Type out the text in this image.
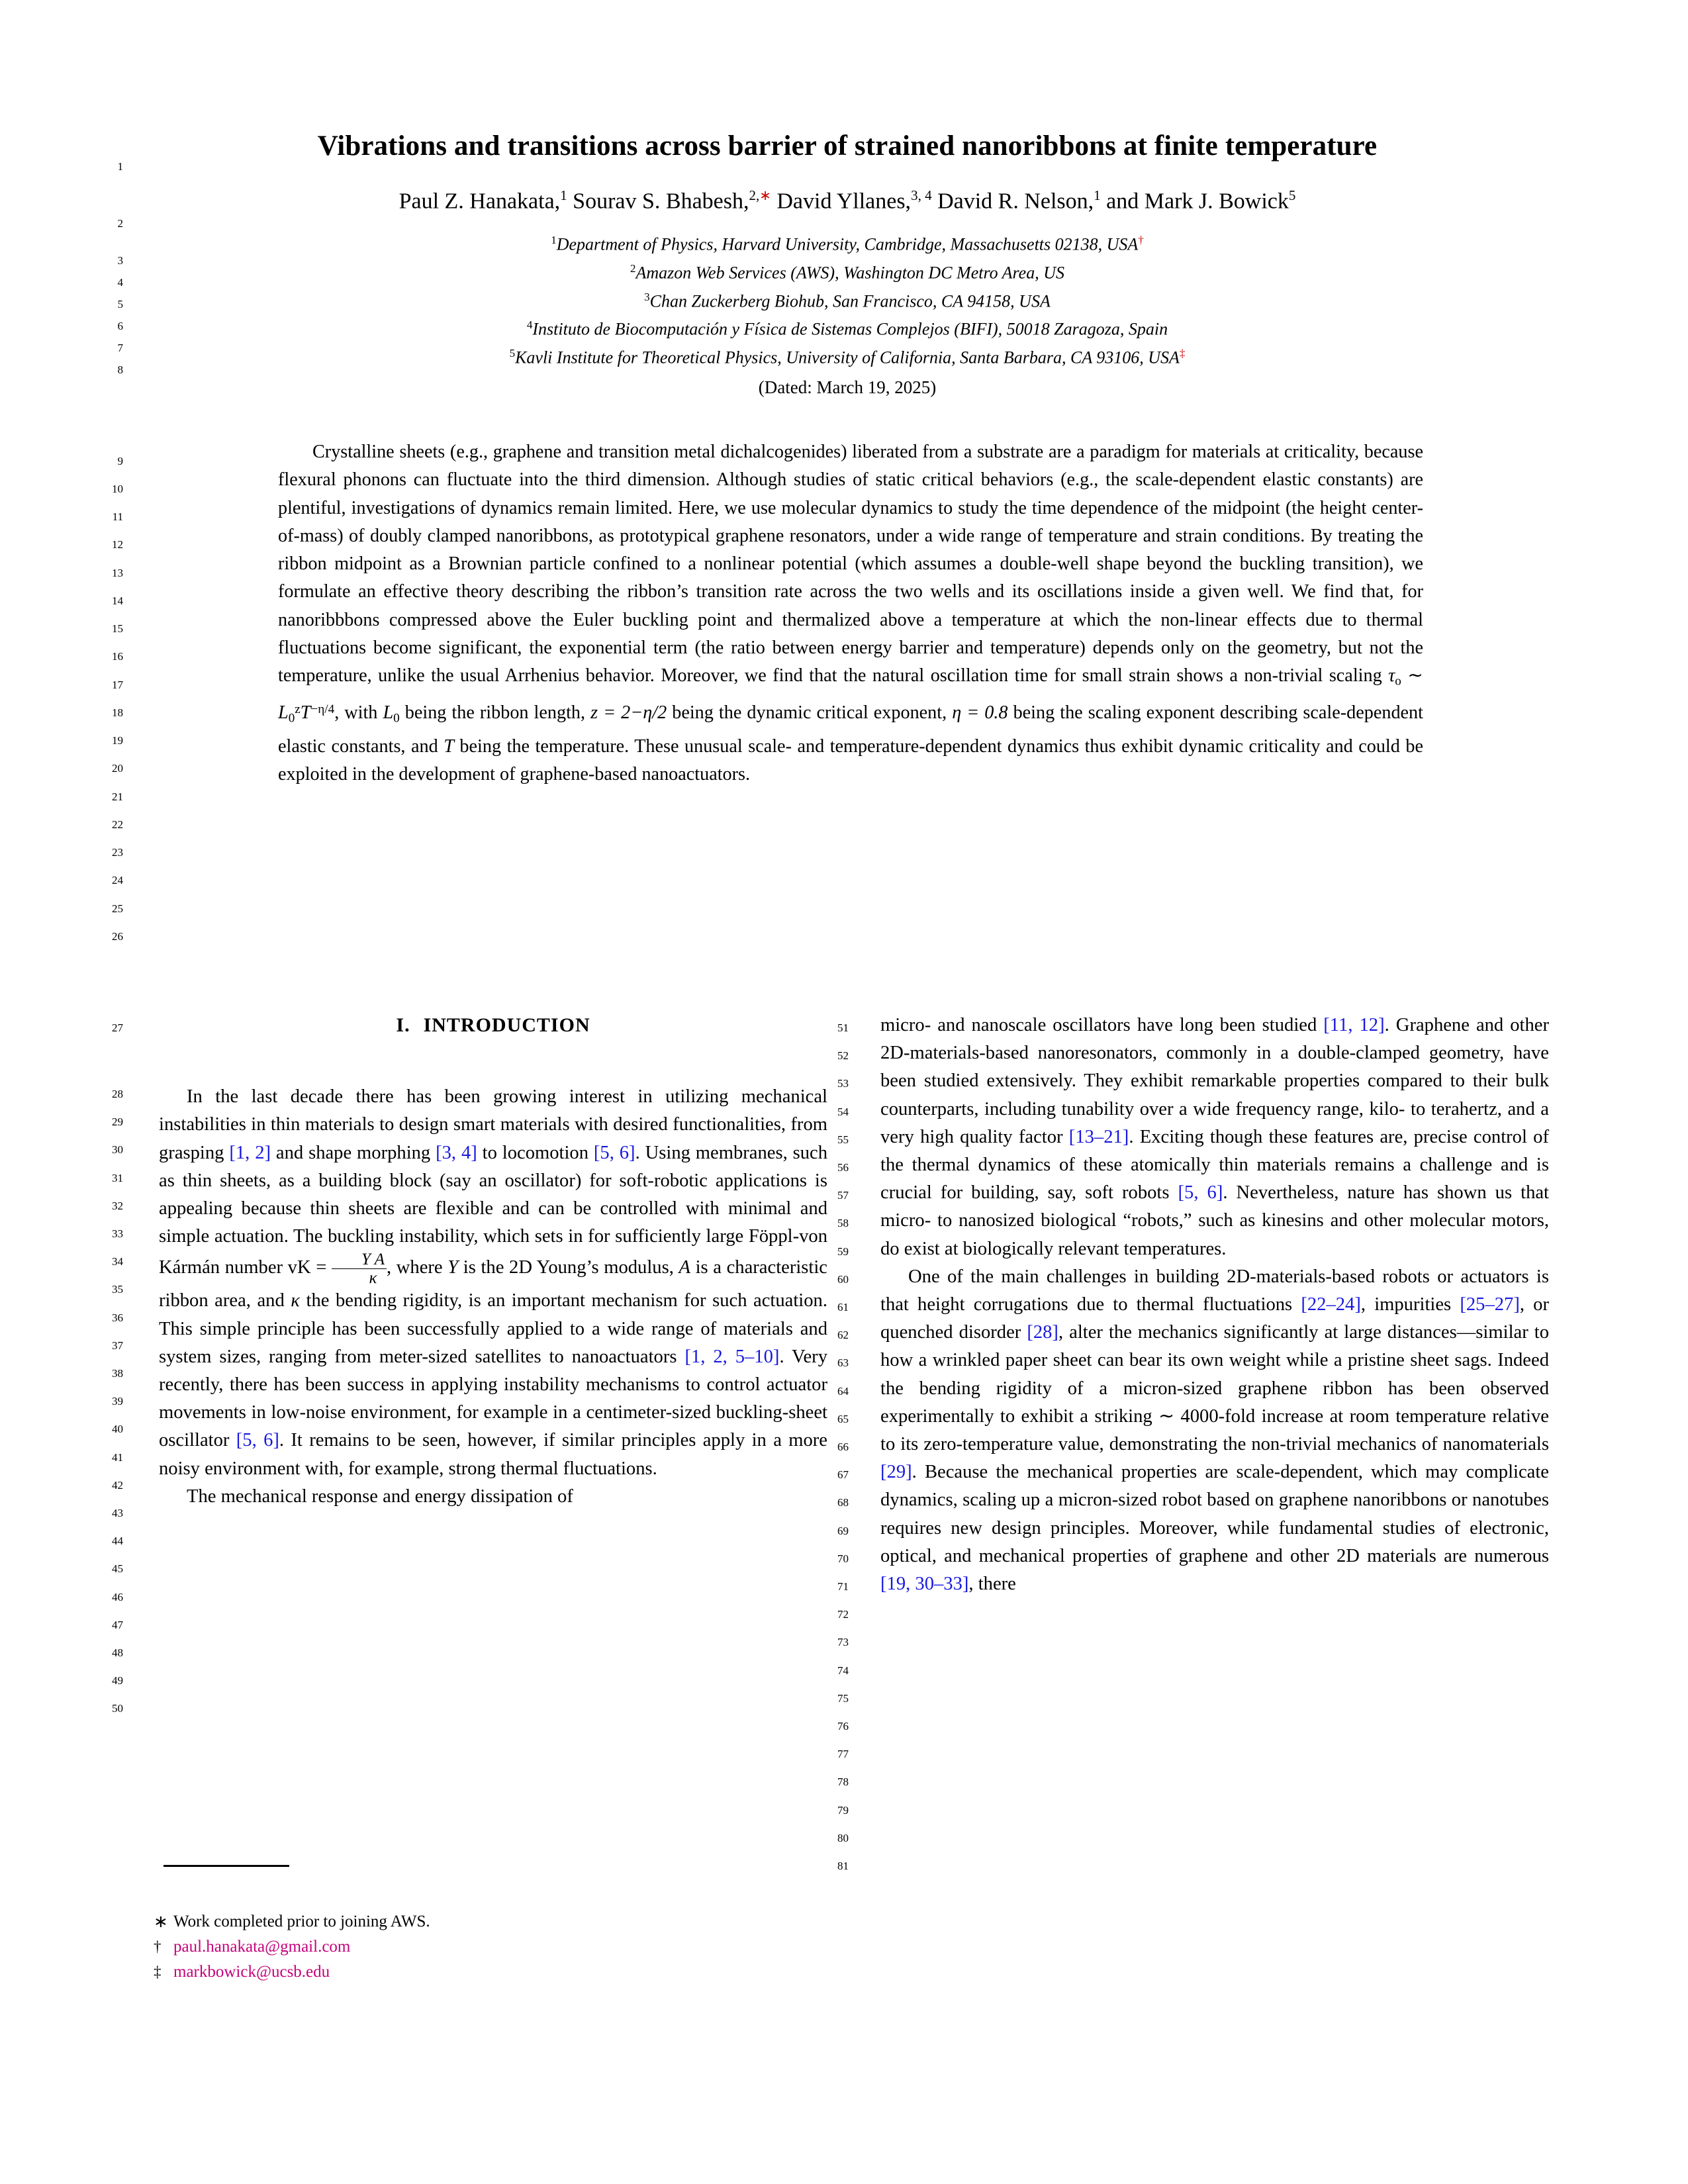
Vibrations and transitions across barrier of strained nanoribbons at finite temperature
Paul Z. Hanakata,$^1$ Sourav S. Bhabesh,$^{2,∗}$ David Yllanes,$^{3, 4}$ David R. Nelson,$^1$ and Mark J. Bowick$^5$
$^1$Department of Physics, Harvard University, Cambridge, Massachusetts 02138, USA†
$^2$Amazon Web Services (AWS), Washington DC Metro Area, US
$^3$Chan Zuckerberg Biohub, San Francisco, CA 94158, USA
$^4$Instituto de Biocomputación y Física de Sistemas Complejos (BIFI), 50018 Zaragoza, Spain
$^5$Kavli Institute for Theoretical Physics, University of California, Santa Barbara, CA 93106, USA‡
(Dated: March 19, 2025)
Crystalline sheets (e.g., graphene and transition metal dichalcogenides) liberated from a substrate are a paradigm for materials at criticality, because flexural phonons can fluctuate into the third dimension. Although studies of static critical behaviors (e.g., the scale-dependent elastic constants) are plentiful, investigations of dynamics remain limited. Here, we use molecular dynamics to study the time dependence of the midpoint (the height center-of-mass) of doubly clamped nanoribbons, as prototypical graphene resonators, under a wide range of temperature and strain conditions. By treating the ribbon midpoint as a Brownian particle confined to a nonlinear potential (which assumes a double-well shape beyond the buckling transition), we formulate an effective theory describing the ribbon’s transition rate across the two wells and its oscillations inside a given well. We find that, for nanoribbbons compressed above the Euler buckling point and thermalized above a temperature at which the non-linear effects due to thermal fluctuations become significant, the exponential term (the ratio between energy barrier and temperature) depends only on the geometry, but not the temperature, unlike the usual Arrhenius behavior. Moreover, we find that the natural oscillation time for small strain shows a non-trivial scaling $\tau_o$ ∼ $L_0^zT^{-\eta/4}$, with $L_0$ being the ribbon length, z = 2−η/2 being the dynamic critical exponent, η = 0.8 being the scaling exponent describing scale-dependent elastic constants, and T being the temperature. These unusual scale- and temperature-dependent dynamics thus exhibit dynamic criticality and could be exploited in the development of graphene-based nanoactuators.
I. INTRODUCTION

In the last decade there has been growing interest in utilizing mechanical instabilities in thin materials to design smart materials with desired functionalities, from grasping [1, 2] and shape morphing [3, 4] to locomotion [5, 6]. Using membranes, such as thin sheets, as a building block (say an oscillator) for soft-robotic applications is appealing because thin sheets are flexible and can be controlled with minimal and simple actuation. The buckling instability, which sets in for sufficiently large Föppl-von Kármán number vK = $\frac{\text{Y A}}{\kappa}$ , where Y is the 2D Young’s modulus, A is a characteristic ribbon area, and κ the bending rigidity, is an important mechanism for such actuation. This simple principle has been successfully applied to a wide range of materials and system sizes, ranging from meter-sized satellites to nanoactuators [1, 2, 5–10]. Very recently, there has been success in applying instability mechanisms to control actuator movements in low-noise environment, for example in a centimeter-sized buckling-sheet oscillator [5, 6]. It remains to be seen, however, if similar principles apply in a more noisy environment with, for example, strong thermal fluctuations.

The mechanical response and energy dissipation of

micro- and nanoscale oscillators have long been studied [11, 12]. Graphene and other 2D-materials-based nanoresonators, commonly in a double-clamped geometry, have been studied extensively. They exhibit remarkable properties compared to their bulk counterparts, including tunability over a wide frequency range, kilo- to terahertz, and a very high quality factor [13–21]. Exciting though these features are, precise control of the thermal dynamics of these atomically thin materials remains a challenge and is crucial for building, say, soft robots [5, 6]. Nevertheless, nature has shown us that micro- to nanosized biological “robots,” such as kinesins and other molecular motors, do exist at biologically relevant temperatures.

One of the main challenges in building 2D-materials-based robots or actuators is that height corrugations due to thermal fluctuations [22–24], impurities [25–27], or quenched disorder [28], alter the mechanics significantly at large distances—similar to how a wrinkled paper sheet can bear its own weight while a pristine sheet sags. Indeed the bending rigidity of a micron-sized graphene ribbon has been observed experimentally to exhibit a striking ∼ 4000-fold increase at room temperature relative to its zero-temperature value, demonstrating the non-trivial mechanics of nanomaterials [29]. Because the mechanical properties are scale-dependent, which may complicate dynamics, scaling up a micron-sized robot based on graphene nanoribbons or nanotubes requires new design principles. Moreover, while fundamental studies of electronic, optical, and mechanical properties of graphene and other 2D materials are numerous [19, 30–33], there

∗ Work completed prior to joining AWS.
† paul.hanakata@gmail.com
‡ markbowick@ucsb.edu
1
2
3
4
5
6
7
8
9
10
11
12
13
14
15
16
17
18
19
20
21
22
23
24
25
26
27
28
29
30
31
32
33
34
35
36
37
38
39
40
41
42
43
44
45
46
47
48
49
50
51
52
53
54
55
56
57
58
59
60
61
62
63
64
65
66
67
68
69
70
71
72
73
74
75
76
77
78
79
80
81
